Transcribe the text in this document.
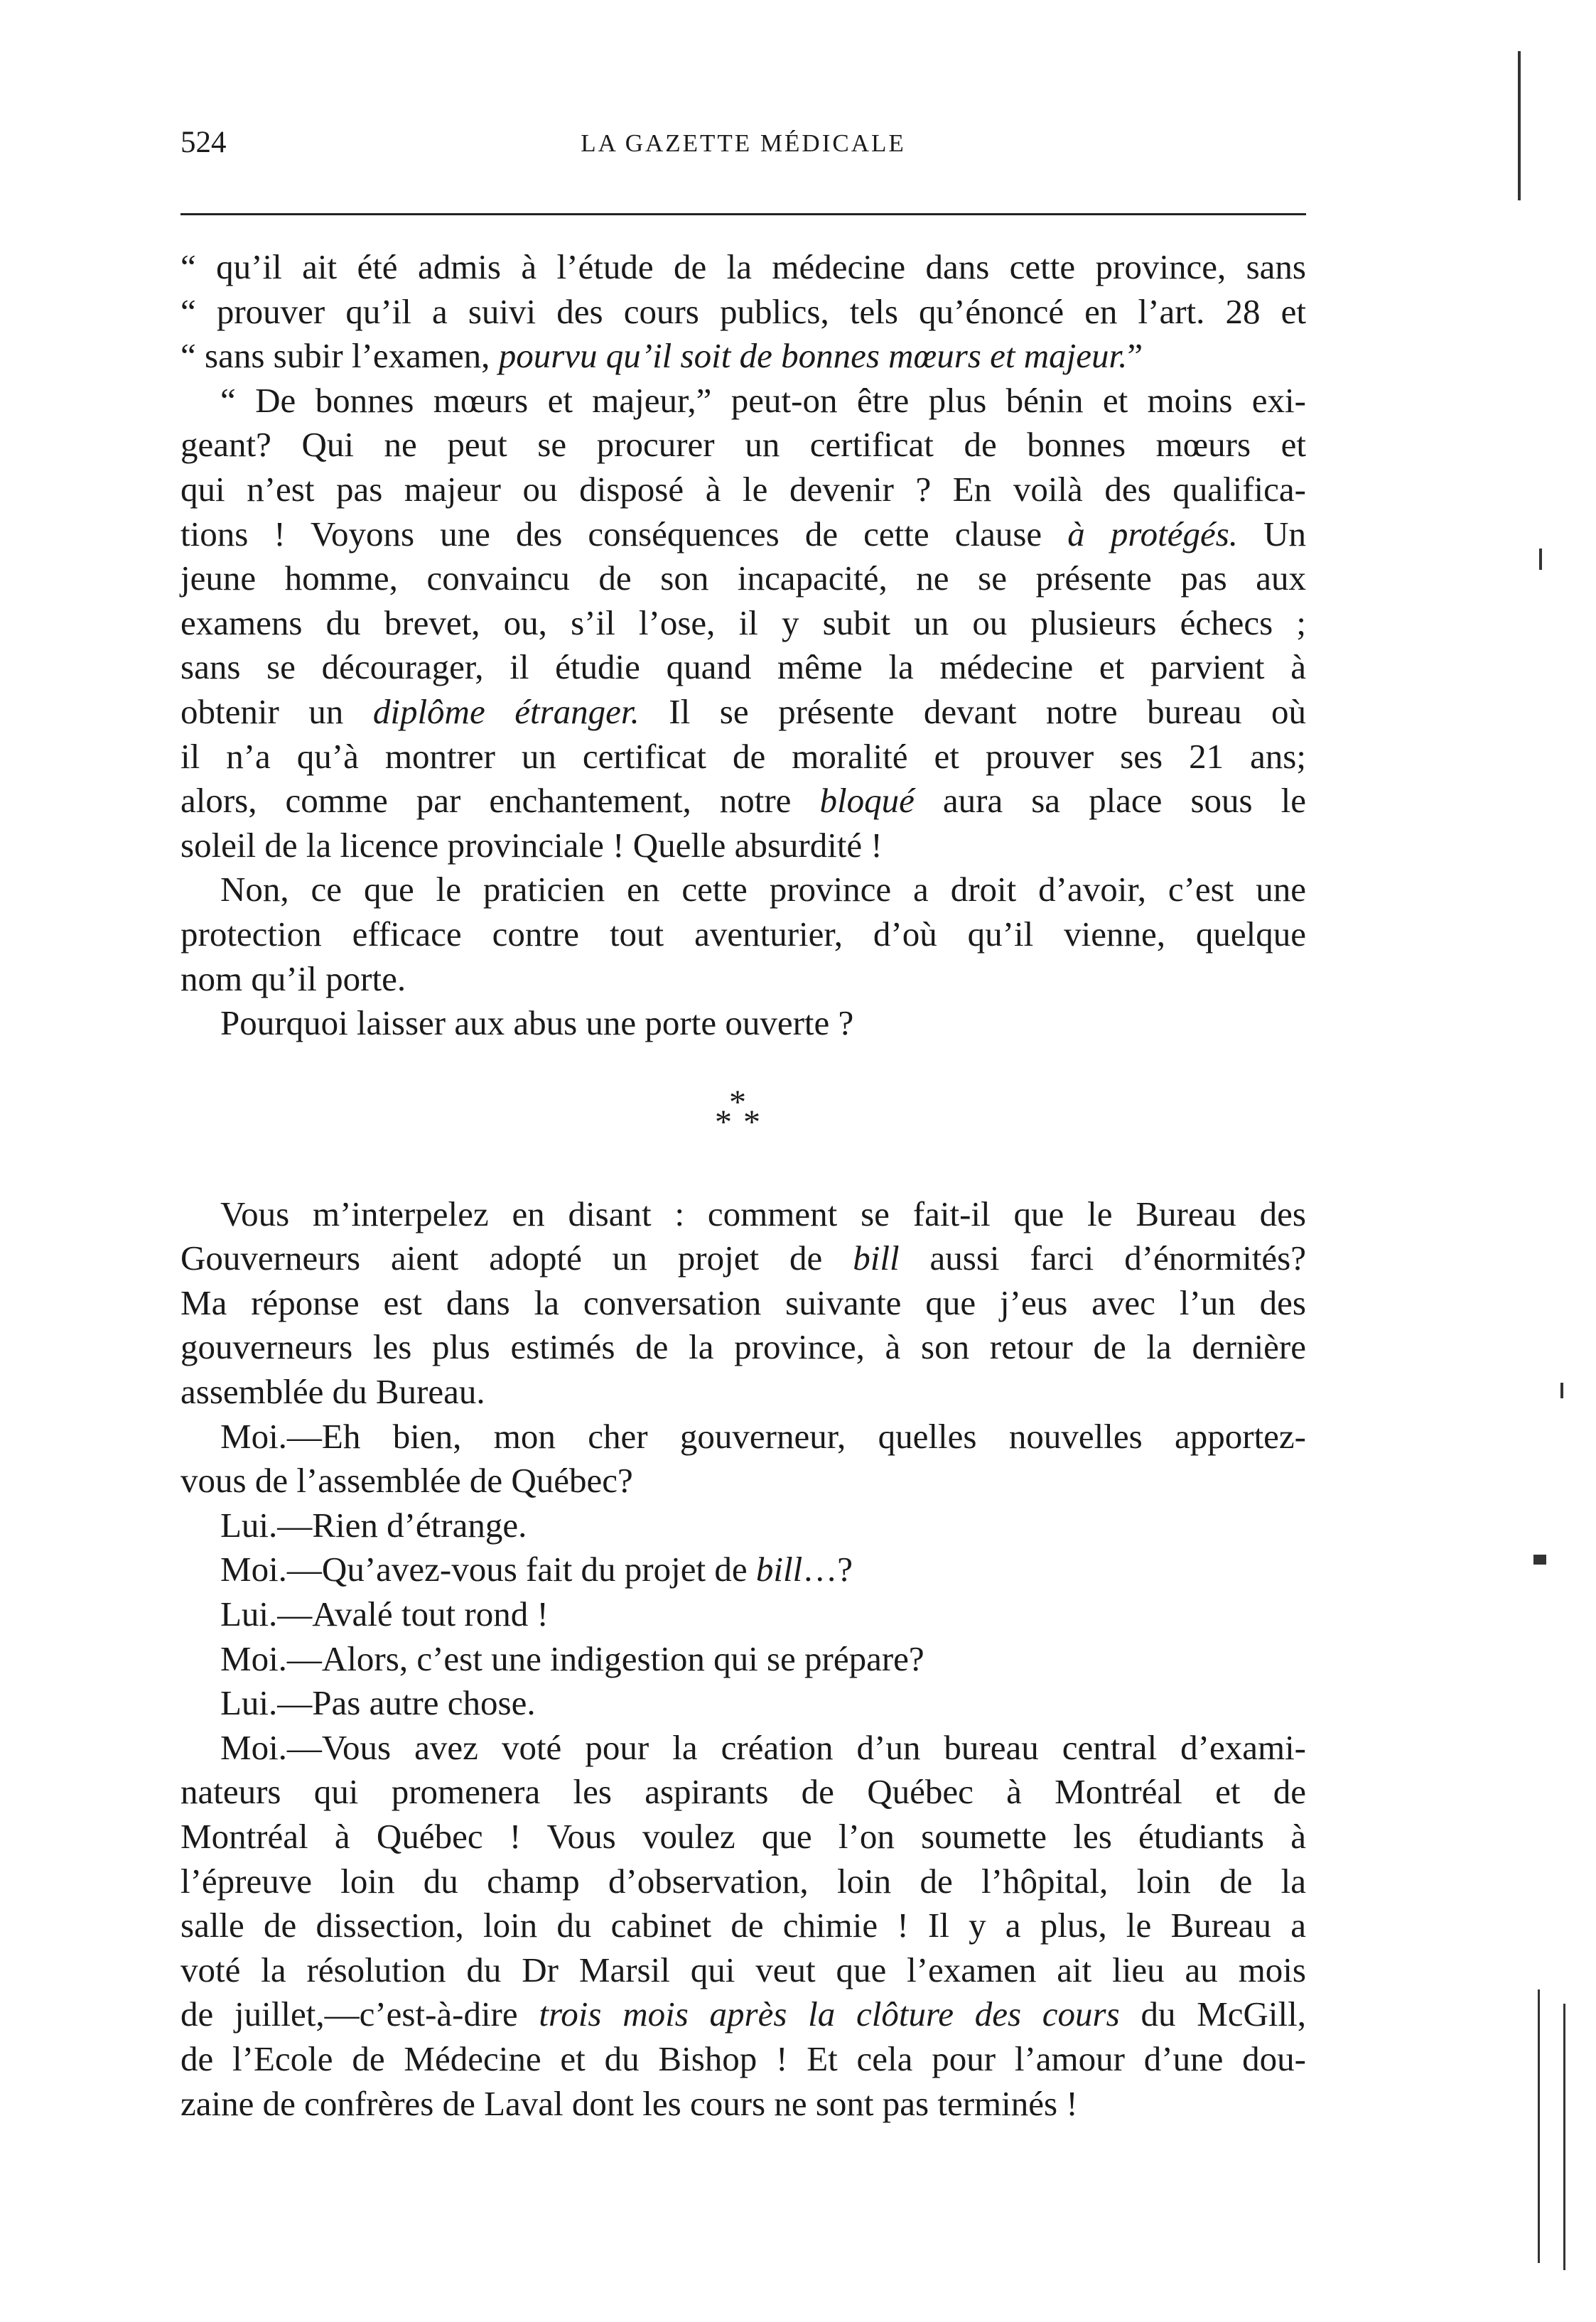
524	LA GAZETTE MÉDICALE
“ qu’il ait été admis à l’étude de la médecine dans cette province, sans
“ prouver qu’il a suivi des cours publics, tels qu’énoncé en l’art. 28 et
“ sans subir l’examen, pourvu qu’il soit de bonnes mœurs et majeur.”
“ De bonnes mœurs et majeur,” peut-on être plus bénin et moins exi-
geant? Qui ne peut se procurer un certificat de bonnes mœurs et
qui n’est pas majeur ou disposé à le devenir ? En voilà des qualifica-
tions ! Voyons une des conséquences de cette clause à protégés. Un
jeune homme, convaincu de son incapacité, ne se présente pas aux
examens du brevet, ou, s’il l’ose, il y subit un ou plusieurs échecs ;
sans se décourager, il étudie quand même la médecine et parvient à
obtenir un diplôme étranger. Il se présente devant notre bureau où
il n’a qu’à montrer un certificat de moralité et prouver ses 21 ans;
alors, comme par enchantement, notre bloqué aura sa place sous le
soleil de la licence provinciale ! Quelle absurdité !
Non, ce que le praticien en cette province a droit d’avoir, c’est une
protection efficace contre tout aventurier, d’où qu’il vienne, quelque
nom qu’il porte.
Pourquoi laisser aux abus une porte ouverte ?
*
* *
Vous m’interpelez en disant : comment se fait-il que le Bureau des
Gouverneurs aient adopté un projet de bill aussi farci d’énormités?
Ma réponse est dans la conversation suivante que j’eus avec l’un des
gouverneurs les plus estimés de la province, à son retour de la dernière
assemblée du Bureau.
Moi.—Eh bien, mon cher gouverneur, quelles nouvelles apportez-
vous de l’assemblée de Québec?
Lui.—Rien d’étrange.
Moi.—Qu’avez-vous fait du projet de bill…?
Lui.—Avalé tout rond !
Moi.—Alors, c’est une indigestion qui se prépare?
Lui.—Pas autre chose.
Moi.—Vous avez voté pour la création d’un bureau central d’exami-
nateurs qui promenera les aspirants de Québec à Montréal et de
Montréal à Québec ! Vous voulez que l’on soumette les étudiants à
l’épreuve loin du champ d’observation, loin de l’hôpital, loin de la
salle de dissection, loin du cabinet de chimie ! Il y a plus, le Bureau a
voté la résolution du Dr Marsil qui veut que l’examen ait lieu au mois
de juillet,—c’est-à-dire trois mois après la clôture des cours du McGill,
de l’Ecole de Médecine et du Bishop ! Et cela pour l’amour d’une dou-
zaine de confrères de Laval dont les cours ne sont pas terminés !
